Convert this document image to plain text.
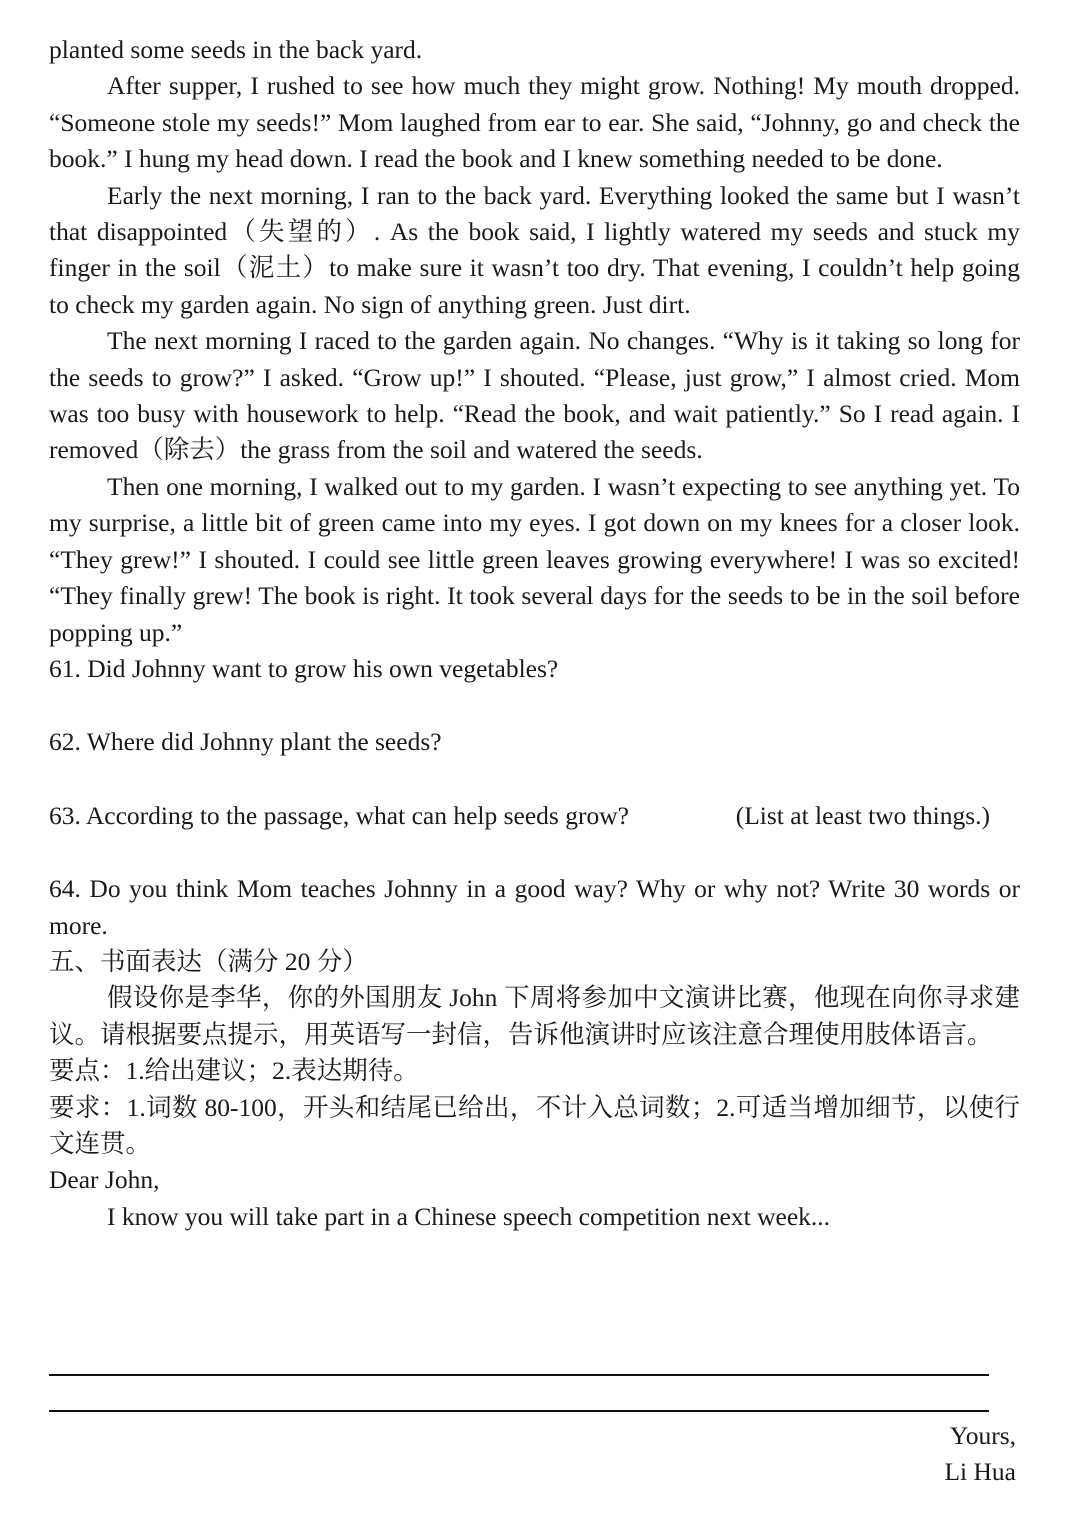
planted some seeds in the back yard.

After supper, I rushed to see how much they might grow. Nothing! My mouth dropped. “Someone stole my seeds!” Mom laughed from ear to ear. She said, “Johnny, go and check the book.” I hung my head down. I read the book and I knew something needed to be done.

Early the next morning, I ran to the back yard. Everything looked the same but I wasn’t that disappointed（失望的）. As the book said, I lightly watered my seeds and stuck my finger in the soil（泥土）to make sure it wasn’t too dry. That evening, I couldn’t help going to check my garden again. No sign of anything green. Just dirt.

The next morning I raced to the garden again. No changes. “Why is it taking so long for the seeds to grow?” I asked. “Grow up!” I shouted. “Please, just grow,” I almost cried. Mom was too busy with housework to help. “Read the book, and wait patiently.” So I read again. I removed（除去）the grass from the soil and watered the seeds.

Then one morning, I walked out to my garden. I wasn’t expecting to see anything yet. To my surprise, a little bit of green came into my eyes. I got down on my knees for a closer look. “They grew!” I shouted. I could see little green leaves growing everywhere! I was so excited! “They finally grew! The book is right. It took several days for the seeds to be in the soil before popping up.”

61. Did Johnny want to grow his own vegetables?

62. Where did Johnny plant the seeds?

63. According to the passage, what can help seeds grow?	(List at least two things.)

64. Do you think Mom teaches Johnny in a good way? Why or why not? Write 30 words or more.

五、书面表达（满分 20 分）

假设你是李华，你的外国朋友 John 下周将参加中文演讲比赛，他现在向你寻求建议。请根据要点提示，用英语写一封信，告诉他演讲时应该注意合理使用肢体语言。

要点：1.给出建议；2.表达期待。

要求：1.词数 80-100，开头和结尾已给出，不计入总词数；2.可适当增加细节，以使行文连贯。

Dear John,

I know you will take part in a Chinese speech competition next week...

Yours,
Li Hua
